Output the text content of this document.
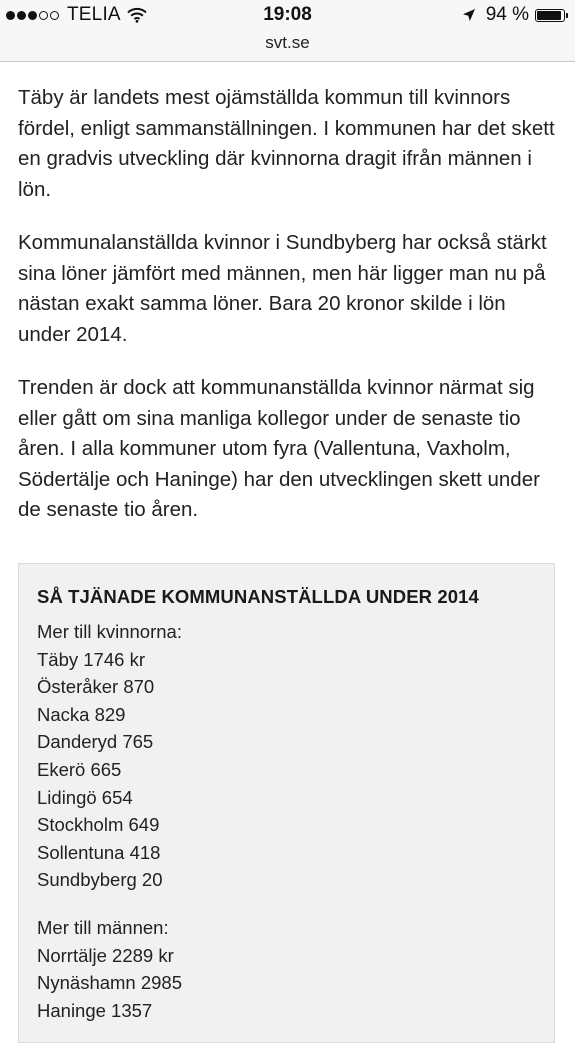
TELIA	19:08	94 %
svt.se

Täby är landets mest ojämställda kommun till kvinnors fördel, enligt sammanställningen. I kommunen har det skett en gradvis utveckling där kvinnorna dragit ifrån männen i lön.

Kommunalanställda kvinnor i Sundbyberg har också stärkt sina löner jämfört med männen, men här ligger man nu på nästan exakt samma löner. Bara 20 kronor skilde i lön under 2014.

Trenden är dock att kommunanställda kvinnor närmat sig eller gått om sina manliga kollegor under de senaste tio åren. I alla kommuner utom fyra (Vallentuna, Vaxholm, Södertälje och Haninge) har den utvecklingen skett under de senaste tio åren.

SÅ TJÄNADE KOMMUNANSTÄLLDA UNDER 2014
Mer till kvinnorna:
Täby 1746 kr
Österåker 870
Nacka 829
Danderyd 765
Ekerö 665
Lidingö 654
Stockholm 649
Sollentuna 418
Sundbyberg 20
Mer till männen:
Norrtälje 2289 kr
Nynäshamn 2985
Haninge 1357
